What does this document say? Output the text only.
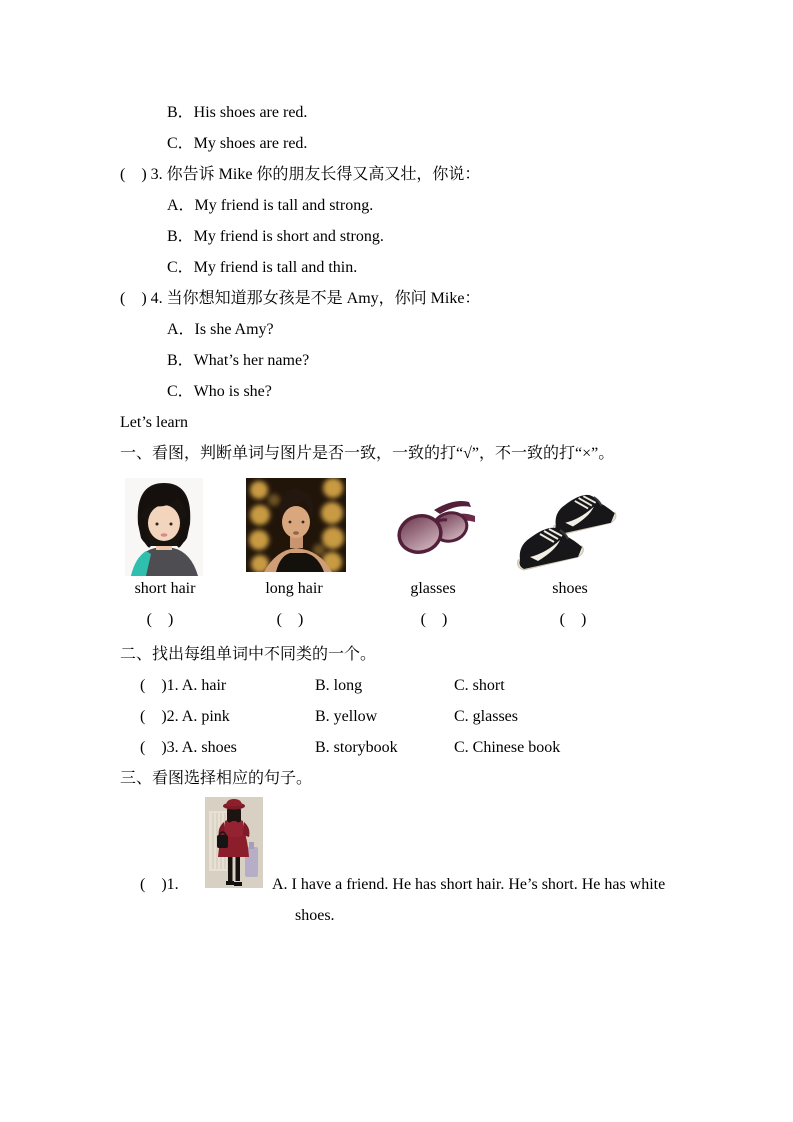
B．His shoes are red.
C．My shoes are red.
(　) 3. 你告诉 Mike 你的朋友长得又高又壮，你说：
A．My friend is tall and strong.
B．My friend is short and strong.
C．My friend is tall and thin.
(　) 4. 当你想知道那女孩是不是 Amy，你问 Mike：
A．Is she Amy?
B．What’s her name?
C．Who is she?
Let’s learn
一、看图，判断单词与图片是否一致，一致的打“√”，不一致的打“×”。
short hair	long hair	glasses	shoes
(　)	(　)	(　)	(　)
二、找出每组单词中不同类的一个。
(　)1. A. hair	B. long	C. short
(　)2. A. pink	B. yellow	C. glasses
(　)3. A. shoes	B. storybook	C. Chinese book
三、看图选择相应的句子。
(　)1.	A. I have a friend. He has short hair. He’s short. He has white
shoes.
